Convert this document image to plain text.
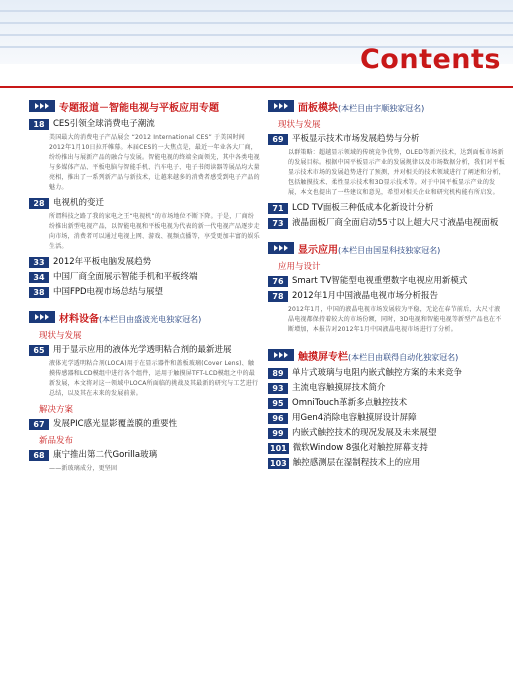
Contents
专题报道－智能电视与平板应用专题
18 CES引领全球消费电子潮流
美国最大的消费电子产品展会 “2012 International CES” 于美国时间2012年1月10日拉开帷幕。本届CES的一大焦点是，最近一年业各大厂商，纷纷推出与展新产品的融合与发展。智能电视的终端全面领先，其中各类电视与多媒体产品、平板电脑与智能手机、汽车电子、电子书阅读器等展品均大量亮相，推出了一系列新产品与新技术，让越来越多的消费者感受到电子产品的魅力。
28 电视机的变迁
所谓科技之路了我的家电之王“电视机”的市场地位不断下降。于是，厂商纷纷推出新型电视产品，以智能电视和平板电视为代表的新一代电视产品逐步走向市场，消费者可以通过电视上网、游戏、视频点播等，享受更加丰富的娱乐生活。
33 2012年平板电脑发展趋势
34 中国厂商全面展示智能手机和平板终端
38 中国FPD电视市场总结与展望
材料设备(本栏目由盛波光电独家冠名)
现状与发展
65 用于显示应用的液体光学透明粘合剂的最新进展
液体光学透明粘合剂(LOCA)用于在显示器件和盖板玻璃(Cover Lens)、触摸传感器和LCD模组中进行各个组件，运用于触摸屏TFT-LCD模组之中的最新发展，本文将对这一领域中LOCA所面临的挑战及其最新的研究与工艺进行总结，以及其在未来的发展前景。
解决方案
67 发展PIC感光显影覆盖膜的重要性
新品发布
68 康宁推出第二代Gorilla玻璃
——新玻璃成分，更坚固
面板模块(本栏目由宇顺独家冠名)
现状与发展
69 平板显示技术市场发展趋势与分析
以群策略：超越显示领域的传统竞争优势，OLED等新兴技术，达到面板市场新的发展目标。根据中国平板显示产业的发展规律以及市场数据分析，我们对平板显示技术市场的发展趋势进行了预测，并对相关的技术领域进行了阐述和分析，包括触摸技术、柔性显示技术和3D显示技术等。对于中国平板显示产业的发展，本文也提出了一些建议和意见，希望对相关企业和研究机构能有所启发。
71 LCD TV面板三种低成本化新设计分析
73 液晶面板厂商全面启动55寸以上超大尺寸液晶电视面板
显示应用(本栏目由国星科技独家冠名)
应用与设计
76 Smart TV智能型电视重塑数字电视应用新模式
78 2012年1月中国液晶电视市场分析报告
2012年1月，中国的液晶电视市场发展较为平稳，无论在春节前后，大尺寸液晶电视都保持着较大的市场份额，同时，3D电视和智能电视等新型产品也在不断增加，本报告对2012年1月中国液晶电视市场进行了分析。
触摸屏专栏(本栏目由联得自动化独家冠名)
89 单片式玻璃与电阻内嵌式触控方案的未来竞争
93 主流电容触摸屏技术简介
95 OmniTouch革新多点触控技术
96 用Gen4消除电容触摸屏设计屏障
99 内嵌式触控技术的现况发展及未来展望
101 微软Window 8强化对触控屏幕支持
103 触控感测层在湿制程技术上的应用
